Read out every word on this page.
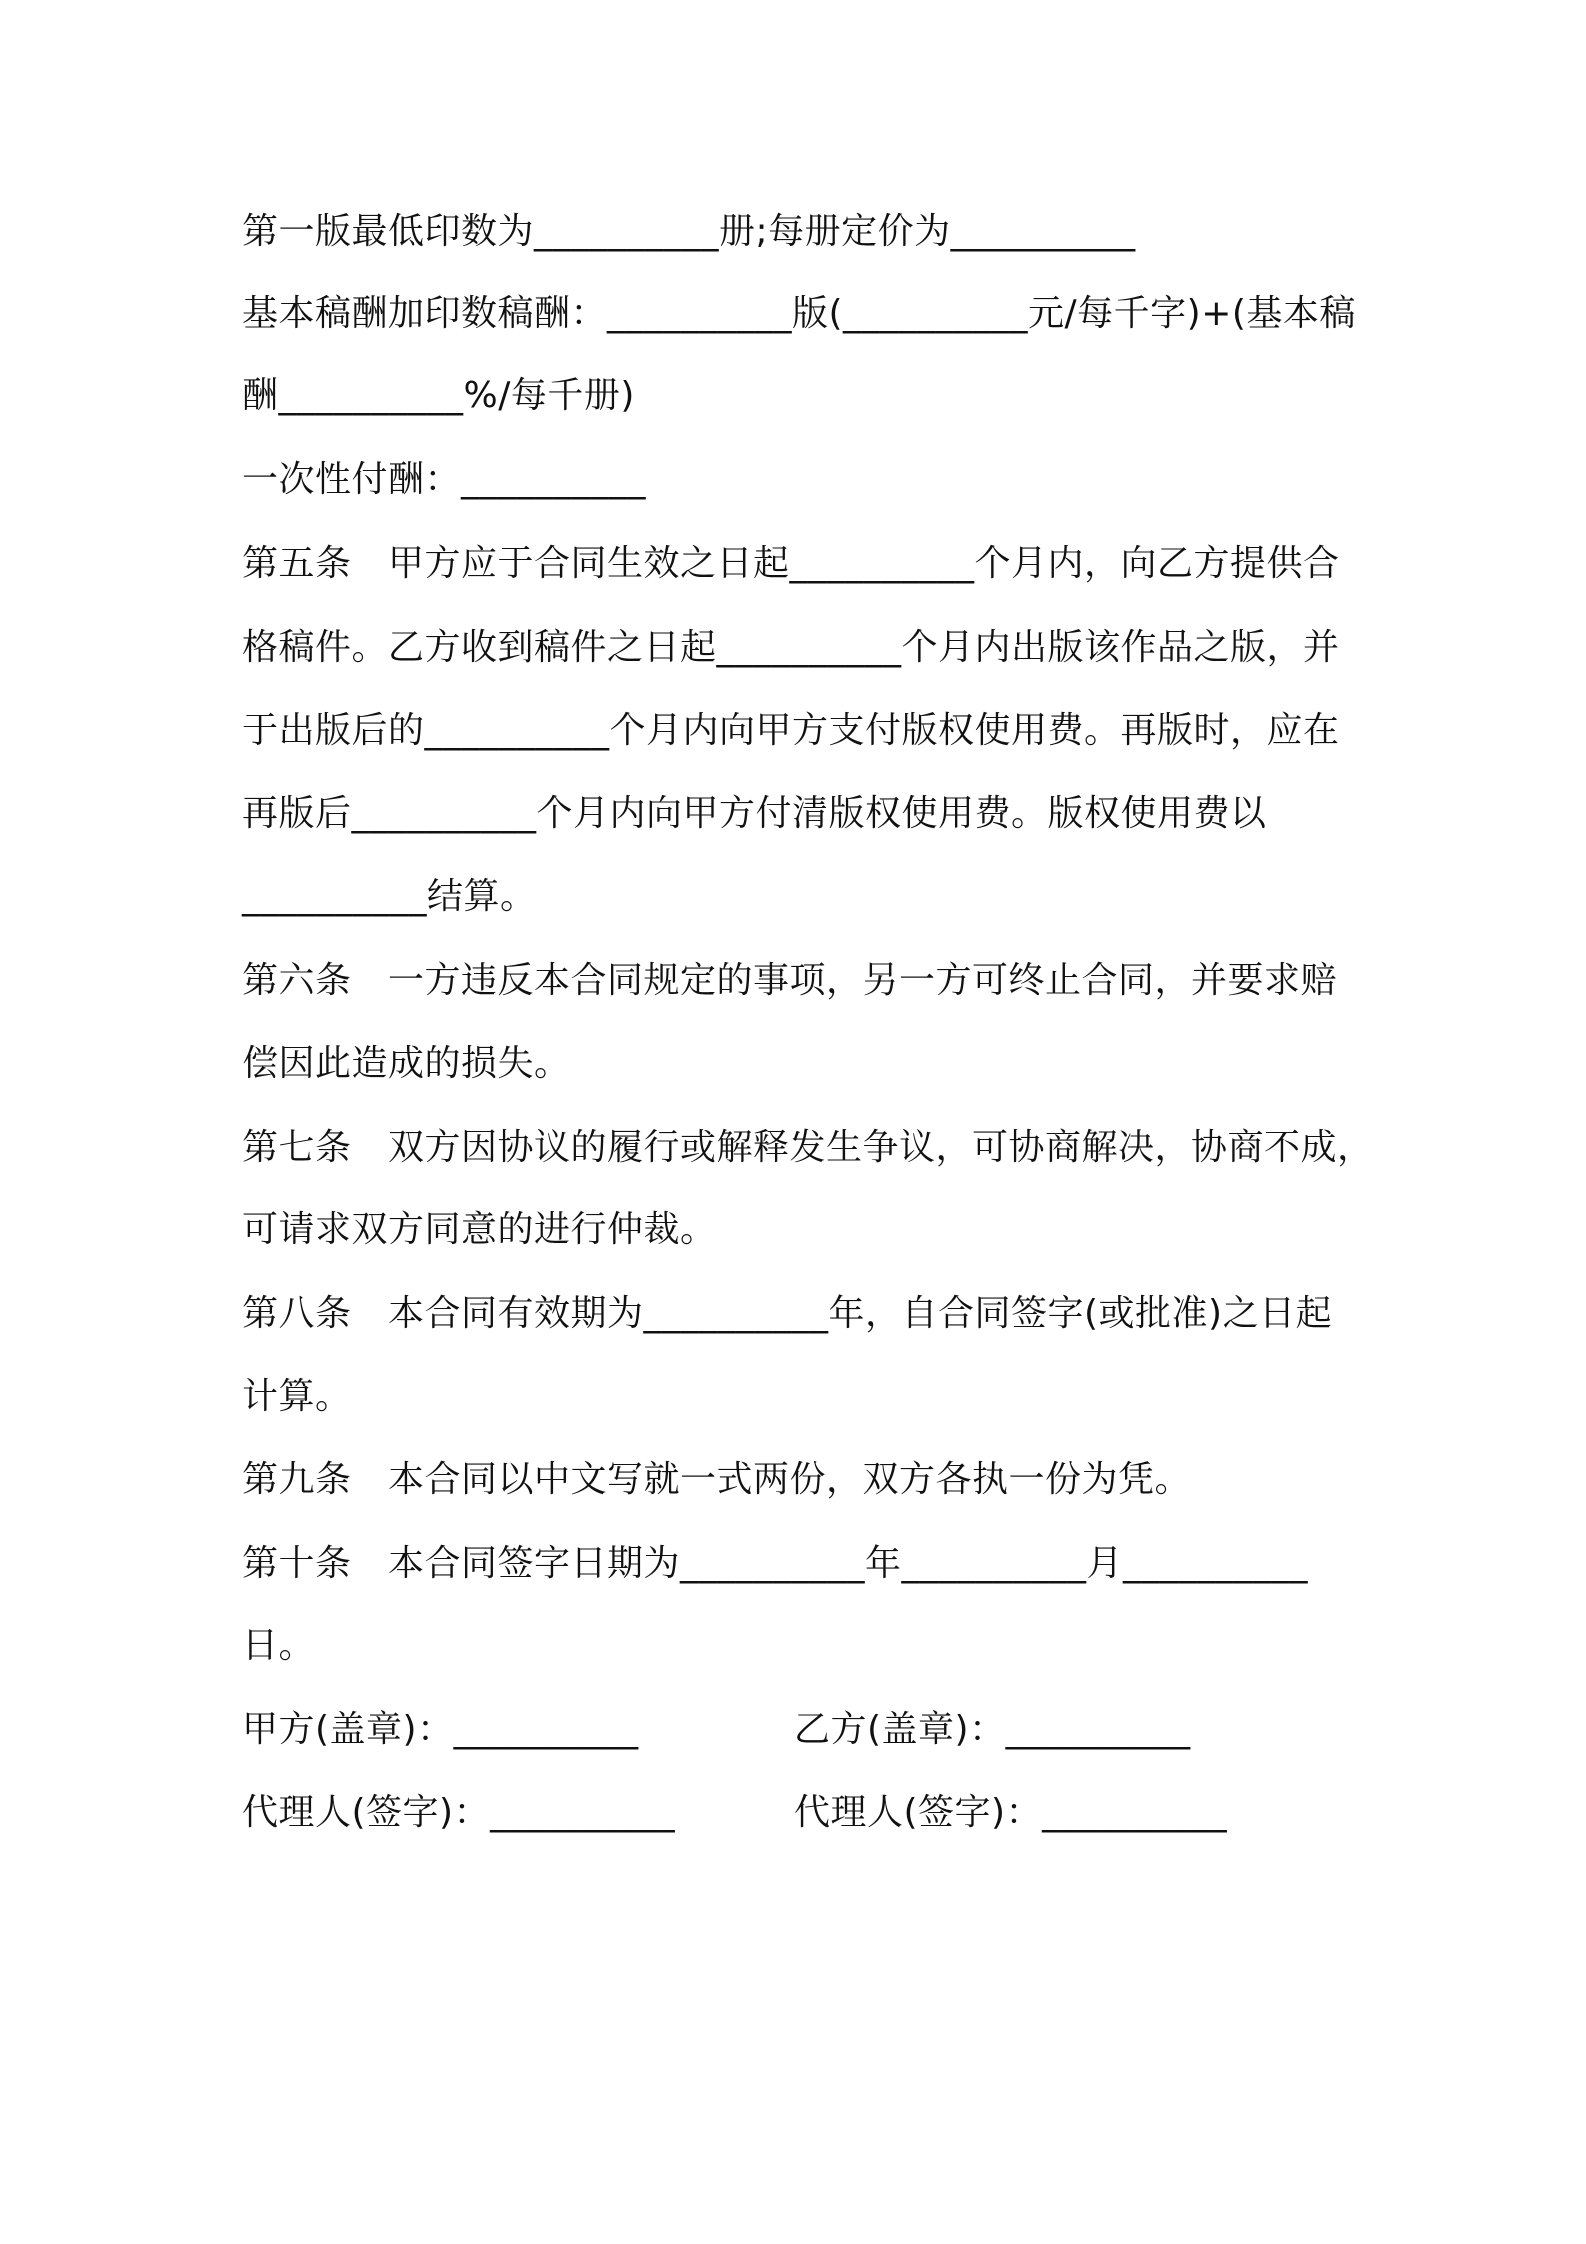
第一版最低印数为__________册;每册定价为__________
基本稿酬加印数稿酬：__________版(__________元/每千字)+(基本稿
酬__________%/每千册)
一次性付酬：__________
第五条　甲方应于合同生效之日起__________个月内，向乙方提供合
格稿件。乙方收到稿件之日起__________个月内出版该作品之版，并
于出版后的__________个月内向甲方支付版权使用费。再版时，应在
再版后__________个月内向甲方付清版权使用费。版权使用费以
__________结算。
第六条　一方违反本合同规定的事项，另一方可终止合同，并要求赔
偿因此造成的损失。
第七条　双方因协议的履行或解释发生争议，可协商解决，协商不成，
可请求双方同意的进行仲裁。
第八条　本合同有效期为__________年，自合同签字(或批准)之日起
计算。
第九条　本合同以中文写就一式两份，双方各执一份为凭。
第十条　本合同签字日期为__________年__________月__________
日。
甲方(盖章)：__________	乙方(盖章)：__________
代理人(签字)：__________	代理人(签字)：__________
